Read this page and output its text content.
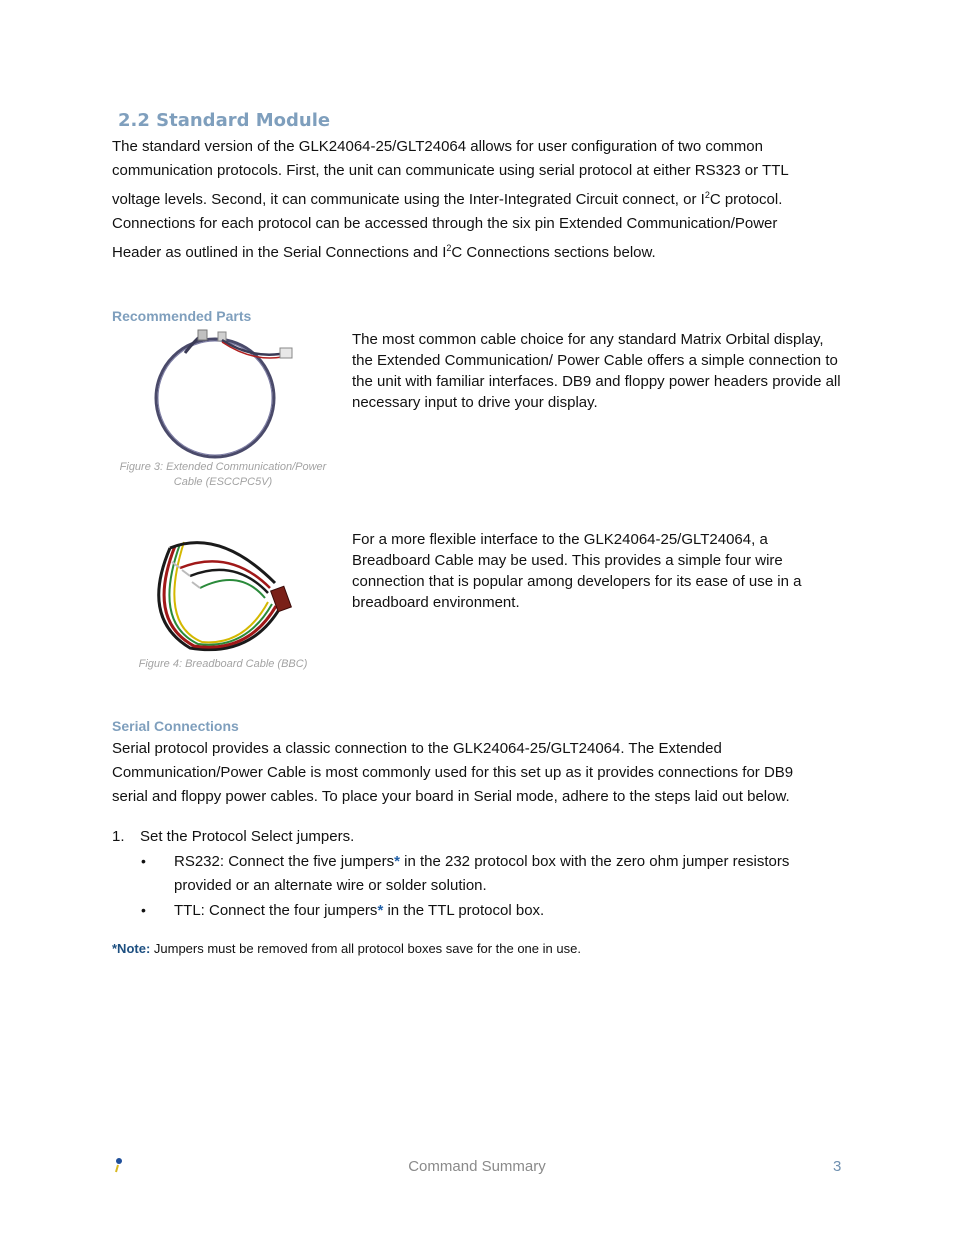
2.2 Standard Module
The standard version of the GLK24064-25/GLT24064 allows for user configuration of two common
communication protocols. First, the unit can communicate using serial protocol at either RS323 or TTL
voltage levels. Second, it can communicate using the Inter-Integrated Circuit connect, or $I^2C$ protocol.
Connections for each protocol can be accessed through the six pin Extended Communication/Power
Header as outlined in the Serial Connections and $I^2C$ Connections sections below.
Recommended Parts
Figure 3: Extended Communication/Power
Cable (ESCCPC5V)
The most common cable choice for any standard Matrix Orbital display, the Extended Communication/ Power Cable offers a simple connection to the unit with familiar interfaces. DB9 and floppy power headers provide all necessary input to drive your display.
Figure 4: Breadboard Cable (BBC)
For a more flexible interface to the GLK24064-25/GLT24064, a Breadboard Cable may be used. This provides a simple four wire connection that is popular among developers for its ease of use in a breadboard environment.
Serial Connections
Serial protocol provides a classic connection to the GLK24064-25/GLT24064. The Extended
Communication/Power Cable is most commonly used for this set up as it provides connections for DB9
serial and floppy power cables. To place your board in Serial mode, adhere to the steps laid out below.
1. Set the Protocol Select jumpers.
• RS232: Connect the five jumpers* in the 232 protocol box with the zero ohm jumper resistors
provided or an alternate wire or solder solution.
• TTL: Connect the four jumpers* in the TTL protocol box.
*Note: Jumpers must be removed from all protocol boxes save for the one in use.
Command Summary	3
